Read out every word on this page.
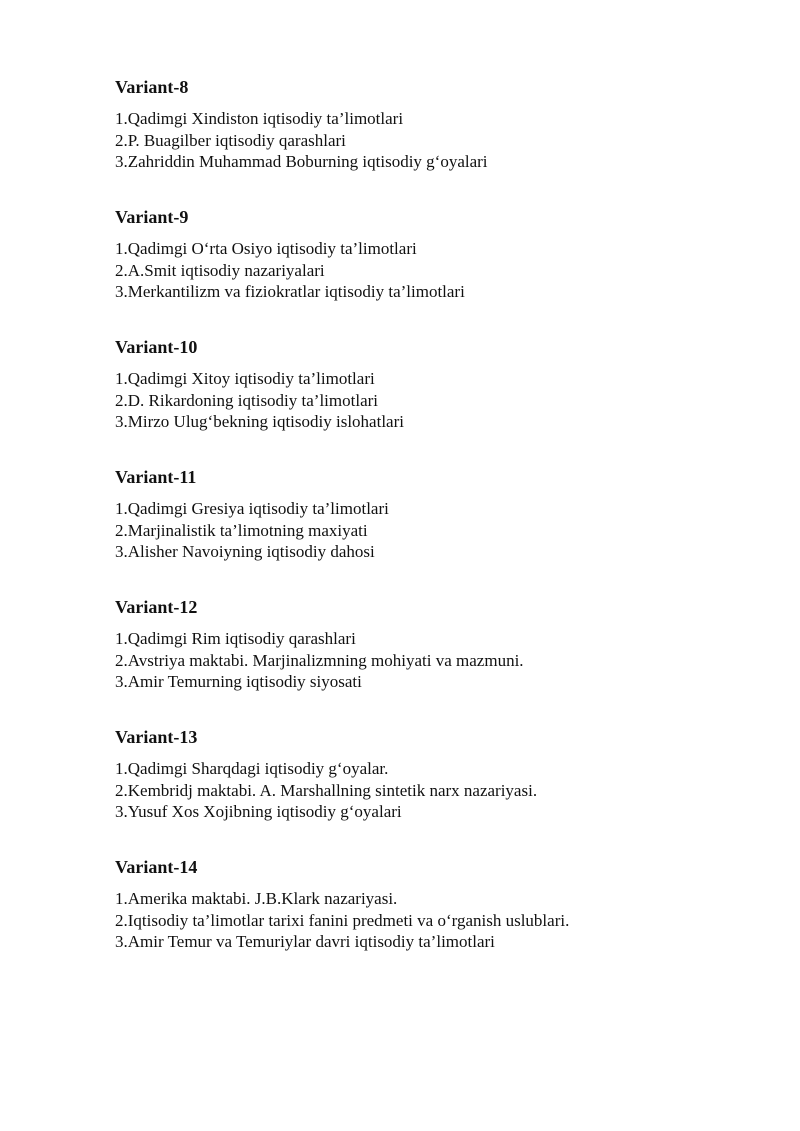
Variant-8
1.Qadimgi Xindiston iqtisodiy ta’limotlari
2.P. Buagilber iqtisodiy qarashlari
3.Zahriddin Muhammad Boburning iqtisodiy g‘oyalari
Variant-9
1.Qadimgi O‘rta Osiyo iqtisodiy ta’limotlari
2.A.Smit iqtisodiy nazariyalari
3.Merkantilizm va fiziokratlar iqtisodiy ta’limotlari
Variant-10
1.Qadimgi Xitoy iqtisodiy ta’limotlari
2.D. Rikardoning iqtisodiy ta’limotlari
3.Mirzo Ulug‘bekning iqtisodiy islohatlari
Variant-11
1.Qadimgi Gresiya iqtisodiy ta’limotlari
2.Marjinalistik ta’limotning maxiyati
3.Alisher Navoiyning iqtisodiy dahosi
Variant-12
1.Qadimgi Rim iqtisodiy qarashlari
2.Avstriya maktabi. Marjinalizmning mohiyati va mazmuni.
3.Amir Temurning iqtisodiy siyosati
Variant-13
1.Qadimgi Sharqdagi iqtisodiy g‘oyalar.
2.Kembridj maktabi. A. Marshallning sintetik narx nazariyasi.
3.Yusuf Xos Xojibning iqtisodiy g‘oyalari
Variant-14
1.Amerika maktabi. J.B.Klark nazariyasi.
2.Iqtisodiy ta’limotlar tarixi fanini predmeti va o‘rganish uslublari.
3.Amir Temur va Temuriylar davri iqtisodiy ta’limotlari
